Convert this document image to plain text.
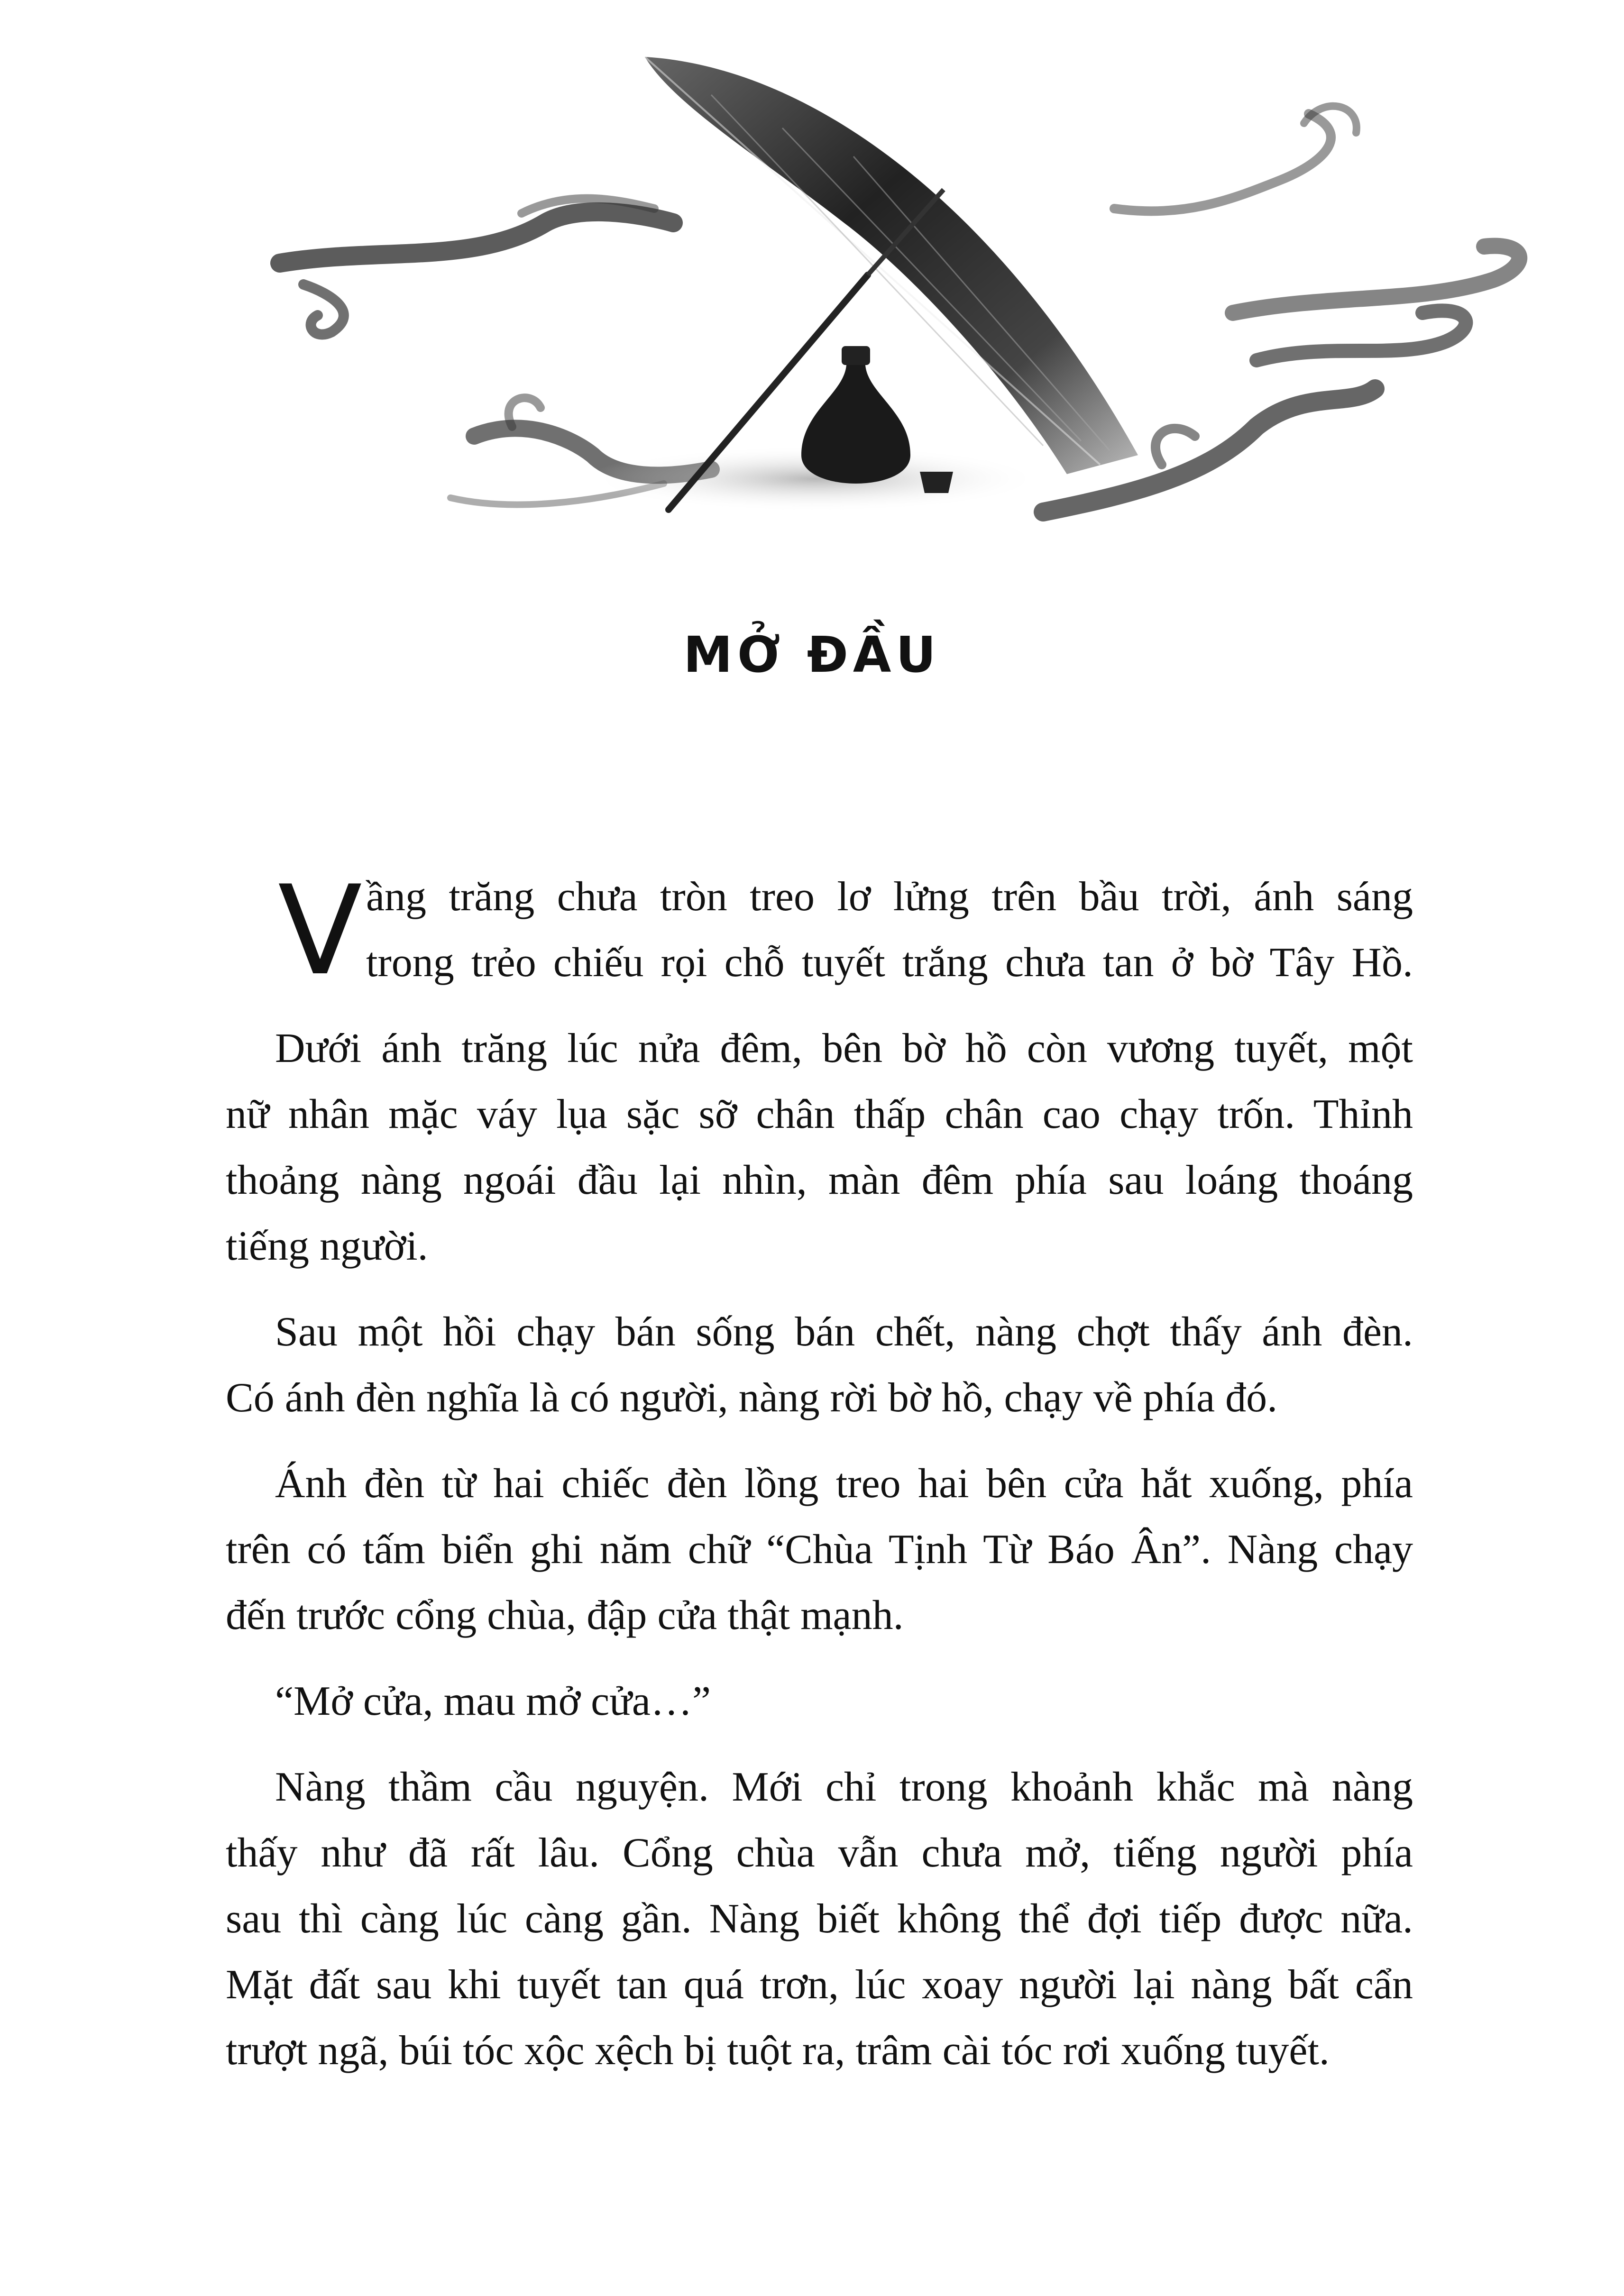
MỞ ĐẦU
V ầng trăng chưa tròn treo lơ lửng trên bầu trời, ánh sáng
trong trẻo chiếu rọi chỗ tuyết trắng chưa tan ở bờ Tây Hồ.
Dưới ánh trăng lúc nửa đêm, bên bờ hồ còn vương tuyết, một
nữ nhân mặc váy lụa sặc sỡ chân thấp chân cao chạy trốn. Thỉnh
thoảng nàng ngoái đầu lại nhìn, màn đêm phía sau loáng thoáng
tiếng người.
Sau một hồi chạy bán sống bán chết, nàng chợt thấy ánh đèn.
Có ánh đèn nghĩa là có người, nàng rời bờ hồ, chạy về phía đó.
Ánh đèn từ hai chiếc đèn lồng treo hai bên cửa hắt xuống, phía
trên có tấm biển ghi năm chữ “Chùa Tịnh Từ Báo Ân”. Nàng chạy
đến trước cổng chùa, đập cửa thật mạnh.
“Mở cửa, mau mở cửa…”
Nàng thầm cầu nguyện. Mới chỉ trong khoảnh khắc mà nàng
thấy như đã rất lâu. Cổng chùa vẫn chưa mở, tiếng người phía
sau thì càng lúc càng gần. Nàng biết không thể đợi tiếp được nữa.
Mặt đất sau khi tuyết tan quá trơn, lúc xoay người lại nàng bất cẩn
trượt ngã, búi tóc xộc xệch bị tuột ra, trâm cài tóc rơi xuống tuyết.
